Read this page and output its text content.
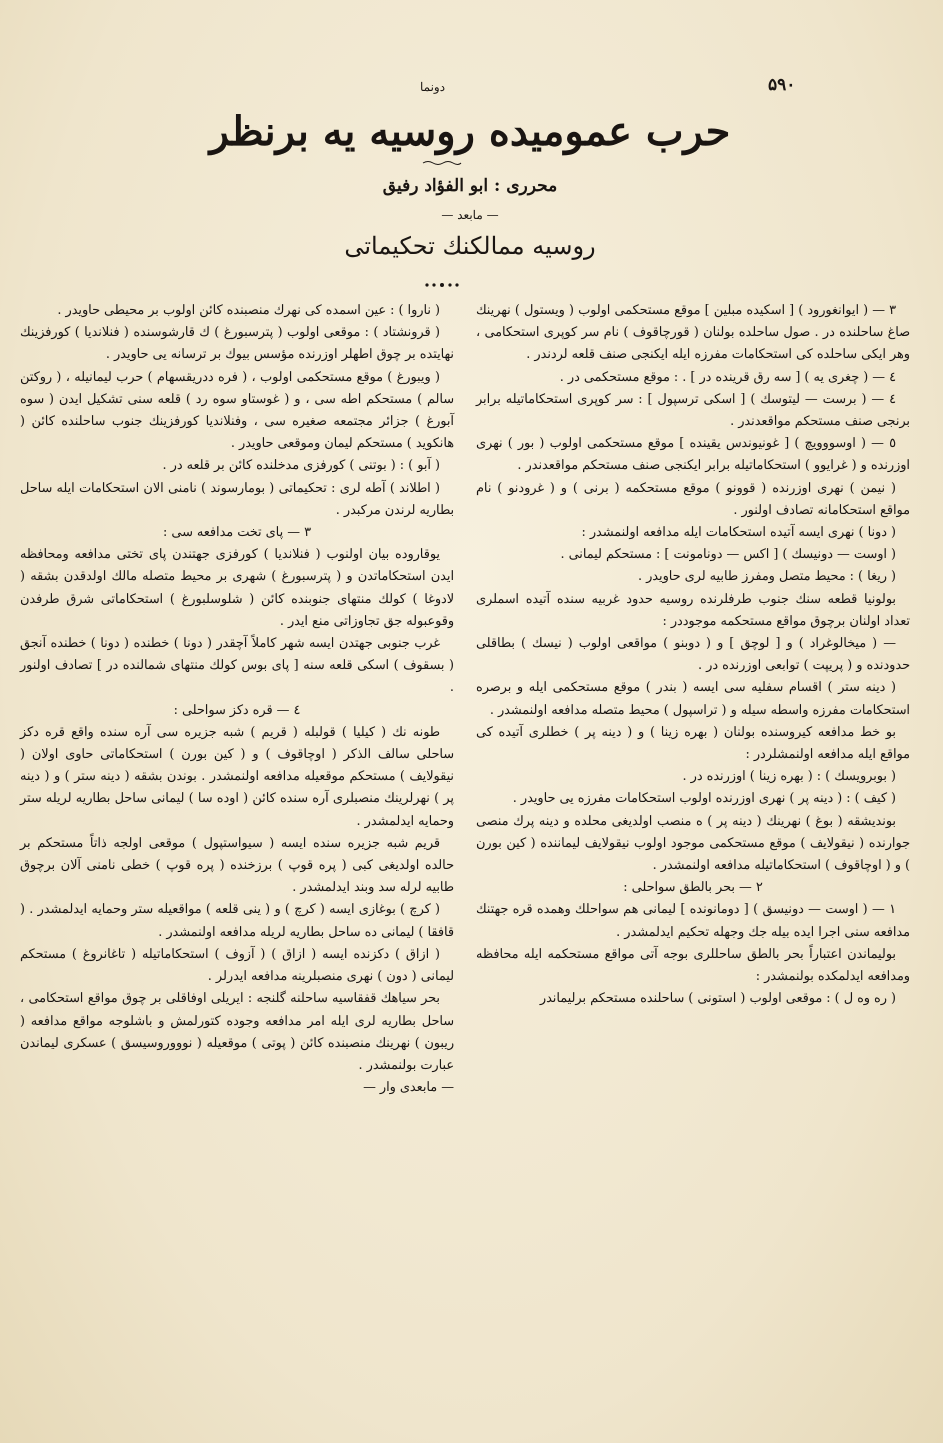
۵۹۰
دونما
حرب عموميده روسيه يه برنظر
محرری : ابو الفؤاد رفيق
— مابعد —
روسيه ممالكنك تحكيماتی

٣ — ( ايوانغورود ) [ اسكيده مبلين ] موقع مستحكمی اولوب ( ويستول ) نهرينك صاغ ساحلنده در . صول ساحلده بولنان ( قورچاقوف ) نام سر كوپری استحكامی ، وهر ايكی ساحلده كی استحكامات مفرزه ايله ايكنجی صنف قلعه لردندر .

٤ — ( چغری يه ) [ سه رق قرينده در ] . : موقع مستحكمی در .

٤ — ( برست — ليتوسك ) [ اسكی ترسپول ] : سر كوپری استحكاماتيله برابر برنجی صنف مستحكم مواقعدندر .

٥ — ( اوسووويچ ) [ غونيوندس يقينده ] موقع مستحكمی اولوب ( بور ) نهری اوزرنده و ( غرايوو ) استحكاماتيله برابر ايكنجی صنف مستحكم مواقعدندر .

( نيمن ) نهری اوزرنده ( قوونو ) موقع مستحكمه ( برنی ) و ( غرودنو ) نام مواقع استحكامانه تصادف اولنور .

( دونا ) نهری ايسه آتيده استحكامات ايله مدافعه اولنمشدر :

( اوست — دونيسك ) [ اكس — دونامونت ] : مستحكم ليمانی .

( ريغا ) : محيط متصل ومفرز طابيه لری حاويدر .

بولونيا قطعه سنك جنوب طرفلرنده روسيه حدود غربيه سنده آتيده اسملری تعداد اولنان برچوق مواقع مستحكمه موجوددر :

— ( ميخالوغراد ) و [ لوچق ] و ( دوبنو ) مواقعی اولوب ( نيسك ) بطاقلی حدودنده و ( پريپت ) توابعی اوزرنده در .

( دينه ستر ) اقسام سفليه سی ايسه ( بندر ) موقع مستحكمی ايله و برصره استحكامات مفرزه واسطه سيله و ( تراسپول ) محيط متصله مدافعه اولنمشدر .

بو خط مدافعه كيروسنده بولنان ( بهره زينا ) و ( دينه پر ) خطلری آتيده كی مواقع ايله مدافعه اولنمشلردر :

( بوبرويسك ) : ( بهره زينا ) اوزرنده در .

( كيف ) : ( دينه پر ) نهری اوزرنده اولوب استحكامات مفرزه يی حاويدر .

بونديشقه ( بوغ ) نهرينك ( دينه پر ) ه منصب اولديغی محلده و دينه پرك منصی جوارنده ( نيقولايف ) موقع مستحكمی موجود اولوب نيقولايف ليماننده ( كين بورن ) و ( اوچاقوف ) استحكاماتيله مدافعه اولنمشدر .

٢ — بحر بالطق سواحلی :

١ — ( اوست — دونيسق ) [ دومانونده ] ليمانی هم سواحلك وهمده قره جهتنك مدافعه سنی اجرا ايده بيله جك وجهله تحكيم ايدلمشدر .

بوليماندن اعتباراً بحر بالطق ساحللری بوجه آتی مواقع مستحكمه ايله محافظه ومدافعه ايدلمكده بولنمشدر :

( ره وه ل ) : موقعی اولوب ( استونی ) ساحلنده مستحكم برليماندر

( ناروا ) : عين اسمده كی نهرك منصبنده كائن اولوب بر محيطی حاويدر .

( قرونشتاد ) : موقعی اولوب ( پترسبورغ ) ك قارشوسنده ( فنلانديا ) كورفزينك نهايتده بر چوق اطهلر اوزرنده مؤسس بيوك بر ترسانه يی حاويدر .

( ويبورغ ) موقع مستحكمی اولوب ، ( فره ددريقسهام ) حرب ليمانيله ، ( روكتن سالم ) مستحكم اطه سی ، و ( غوستاو سوه رد ) قلعه سنی تشكيل ايدن ( سوه آبورغ ) جزائر مجتمعه صغيره سی ، وفنلانديا كورفزينك جنوب ساحلنده كائن ( هانكويد ) مستحكم ليمان وموقعی حاويدر .

( آبو ) : ( بوتنی ) كورفزی مدخلنده كائن بر قلعه در .

( اطلاند ) آطه لری : تحكيماتی ( بومارسوند ) نامنی الان استحكامات ايله ساحل بطاريه لرندن مركبدر .

٣ — پای تخت مدافعه سی :

يوقاروده بيان اولنوب ( فنلانديا ) كورفزی جهتندن پای تختی مدافعه ومحافظه ايدن استحكاماتدن و ( پترسبورغ ) شهری بر محيط متصله مالك اولدقدن بشقه ( لادوغا ) كولك منتهای جنوبنده كائن ( شلوسلبورغ ) استحكاماتی شرق طرفدن وقوعبوله جق تجاوزاتی منع ايدر .

غرب جنوبی جهتدن ايسه شهر كاملاً آچقدر ( دونا ) خطنده ( دونا ) خطنده آنجق ( بسقوف ) اسكی قلعه سنه [ پای بوس كولك منتهای شمالنده در ] تصادف اولنور .

٤ — قره دكز سواحلی :

طونه نك ( كيليا ) قولبله ( قريم ) شبه جزيره سی آره سنده واقع قره دكز ساحلی سالف الذكر ( اوچاقوف ) و ( كين بورن ) استحكاماتی حاوی اولان ( نيقولايف ) مستحكم موقعيله مدافعه اولنمشدر . بوندن بشقه ( دينه ستر ) و ( دينه پر ) نهرلرينك منصبلری آره سنده كائن ( اوده سا ) ليمانی ساحل بطاريه لريله ستر وحمايه ايدلمشدر .

قريم شبه جزيره سنده ايسه ( سيواستپول ) موقعی اولجه ذاتاً مستحكم بر حالده اولديغی كبی ( پره قوپ ) برزخنده ( پره قوپ ) خطی نامنی آلان برچوق طابيه لرله سد وبند ايدلمشدر .

( كرچ ) بوغازی ايسه ( كرچ ) و ( ينی قلعه ) مواقعيله ستر وحمايه ايدلمشدر . ( قافقا ) ليمانی ده ساحل بطاريه لريله مدافعه اولنمشدر .

( ازاق ) دكزنده ايسه ( ازاق ) ( آزوف ) استحكاماتيله ( تاغانروغ ) مستحكم ليمانی ( دون ) نهری منصبلرينه مدافعه ايدرلر .

بحر سياهك قفقاسيه ساحلنه گلنجه : ايريلی اوفاقلی بر چوق مواقع استحكامی ، ساحل بطاريه لری ايله امر مدافعه وجوده كتورلمش و باشلوجه مواقع مدافعه ( ريبون ) نهرينك منصبنده كائن ( پوتی ) موقعيله ( نوووروسيسق ) عسكری ليماندن عبارت بولنمشدر .

— مابعدی وار —
